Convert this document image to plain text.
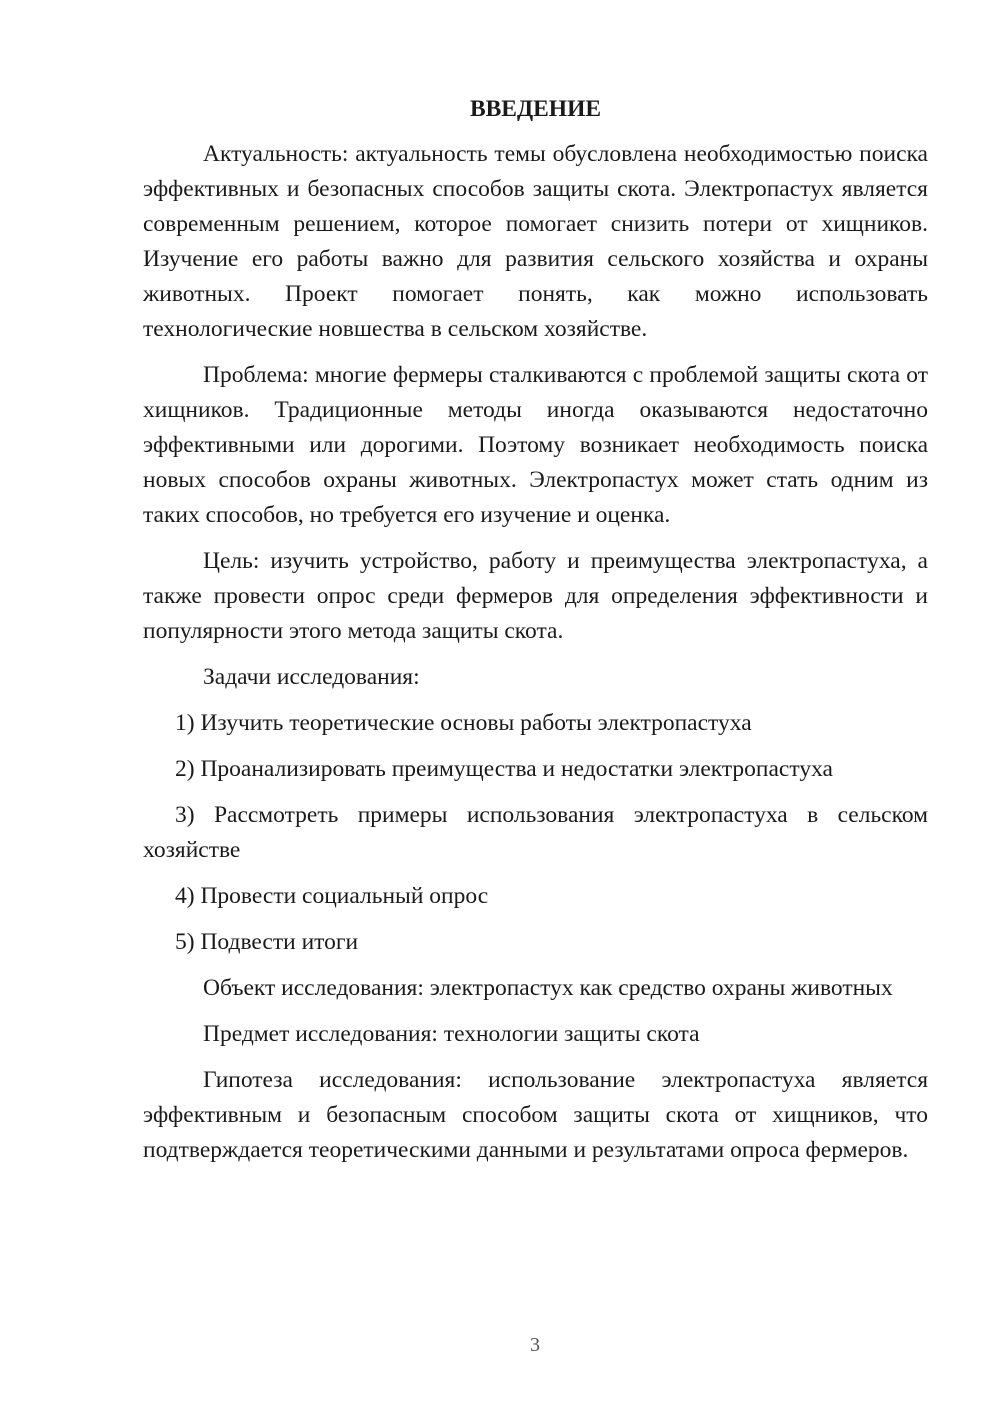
ВВЕДЕНИЕ

Актуальность: актуальность темы обусловлена необходимостью поиска эффективных и безопасных способов защиты скота. Электропастух является современным решением, которое помогает снизить потери от хищников. Изучение его работы важно для развития сельского хозяйства и охраны животных. Проект помогает понять, как можно использовать технологические новшества в сельском хозяйстве.

Проблема: многие фермеры сталкиваются с проблемой защиты скота от хищников. Традиционные методы иногда оказываются недостаточно эффективными или дорогими. Поэтому возникает необходимость поиска новых способов охраны животных. Электропастух может стать одним из таких способов, но требуется его изучение и оценка.

Цель: изучить устройство, работу и преимущества электропастуха, а также провести опрос среди фермеров для определения эффективности и популярности этого метода защиты скота.

Задачи исследования:

1) Изучить теоретические основы работы электропастуха

2) Проанализировать преимущества и недостатки электропастуха

3) Рассмотреть примеры использования электропастуха в сельском хозяйстве

4) Провести социальный опрос

5) Подвести итоги

Объект исследования: электропастух как средство охраны животных

Предмет исследования: технологии защиты скота

Гипотеза исследования: использование электропастуха является эффективным и безопасным способом защиты скота от хищников, что подтверждается теоретическими данными и результатами опроса фермеров.

3
